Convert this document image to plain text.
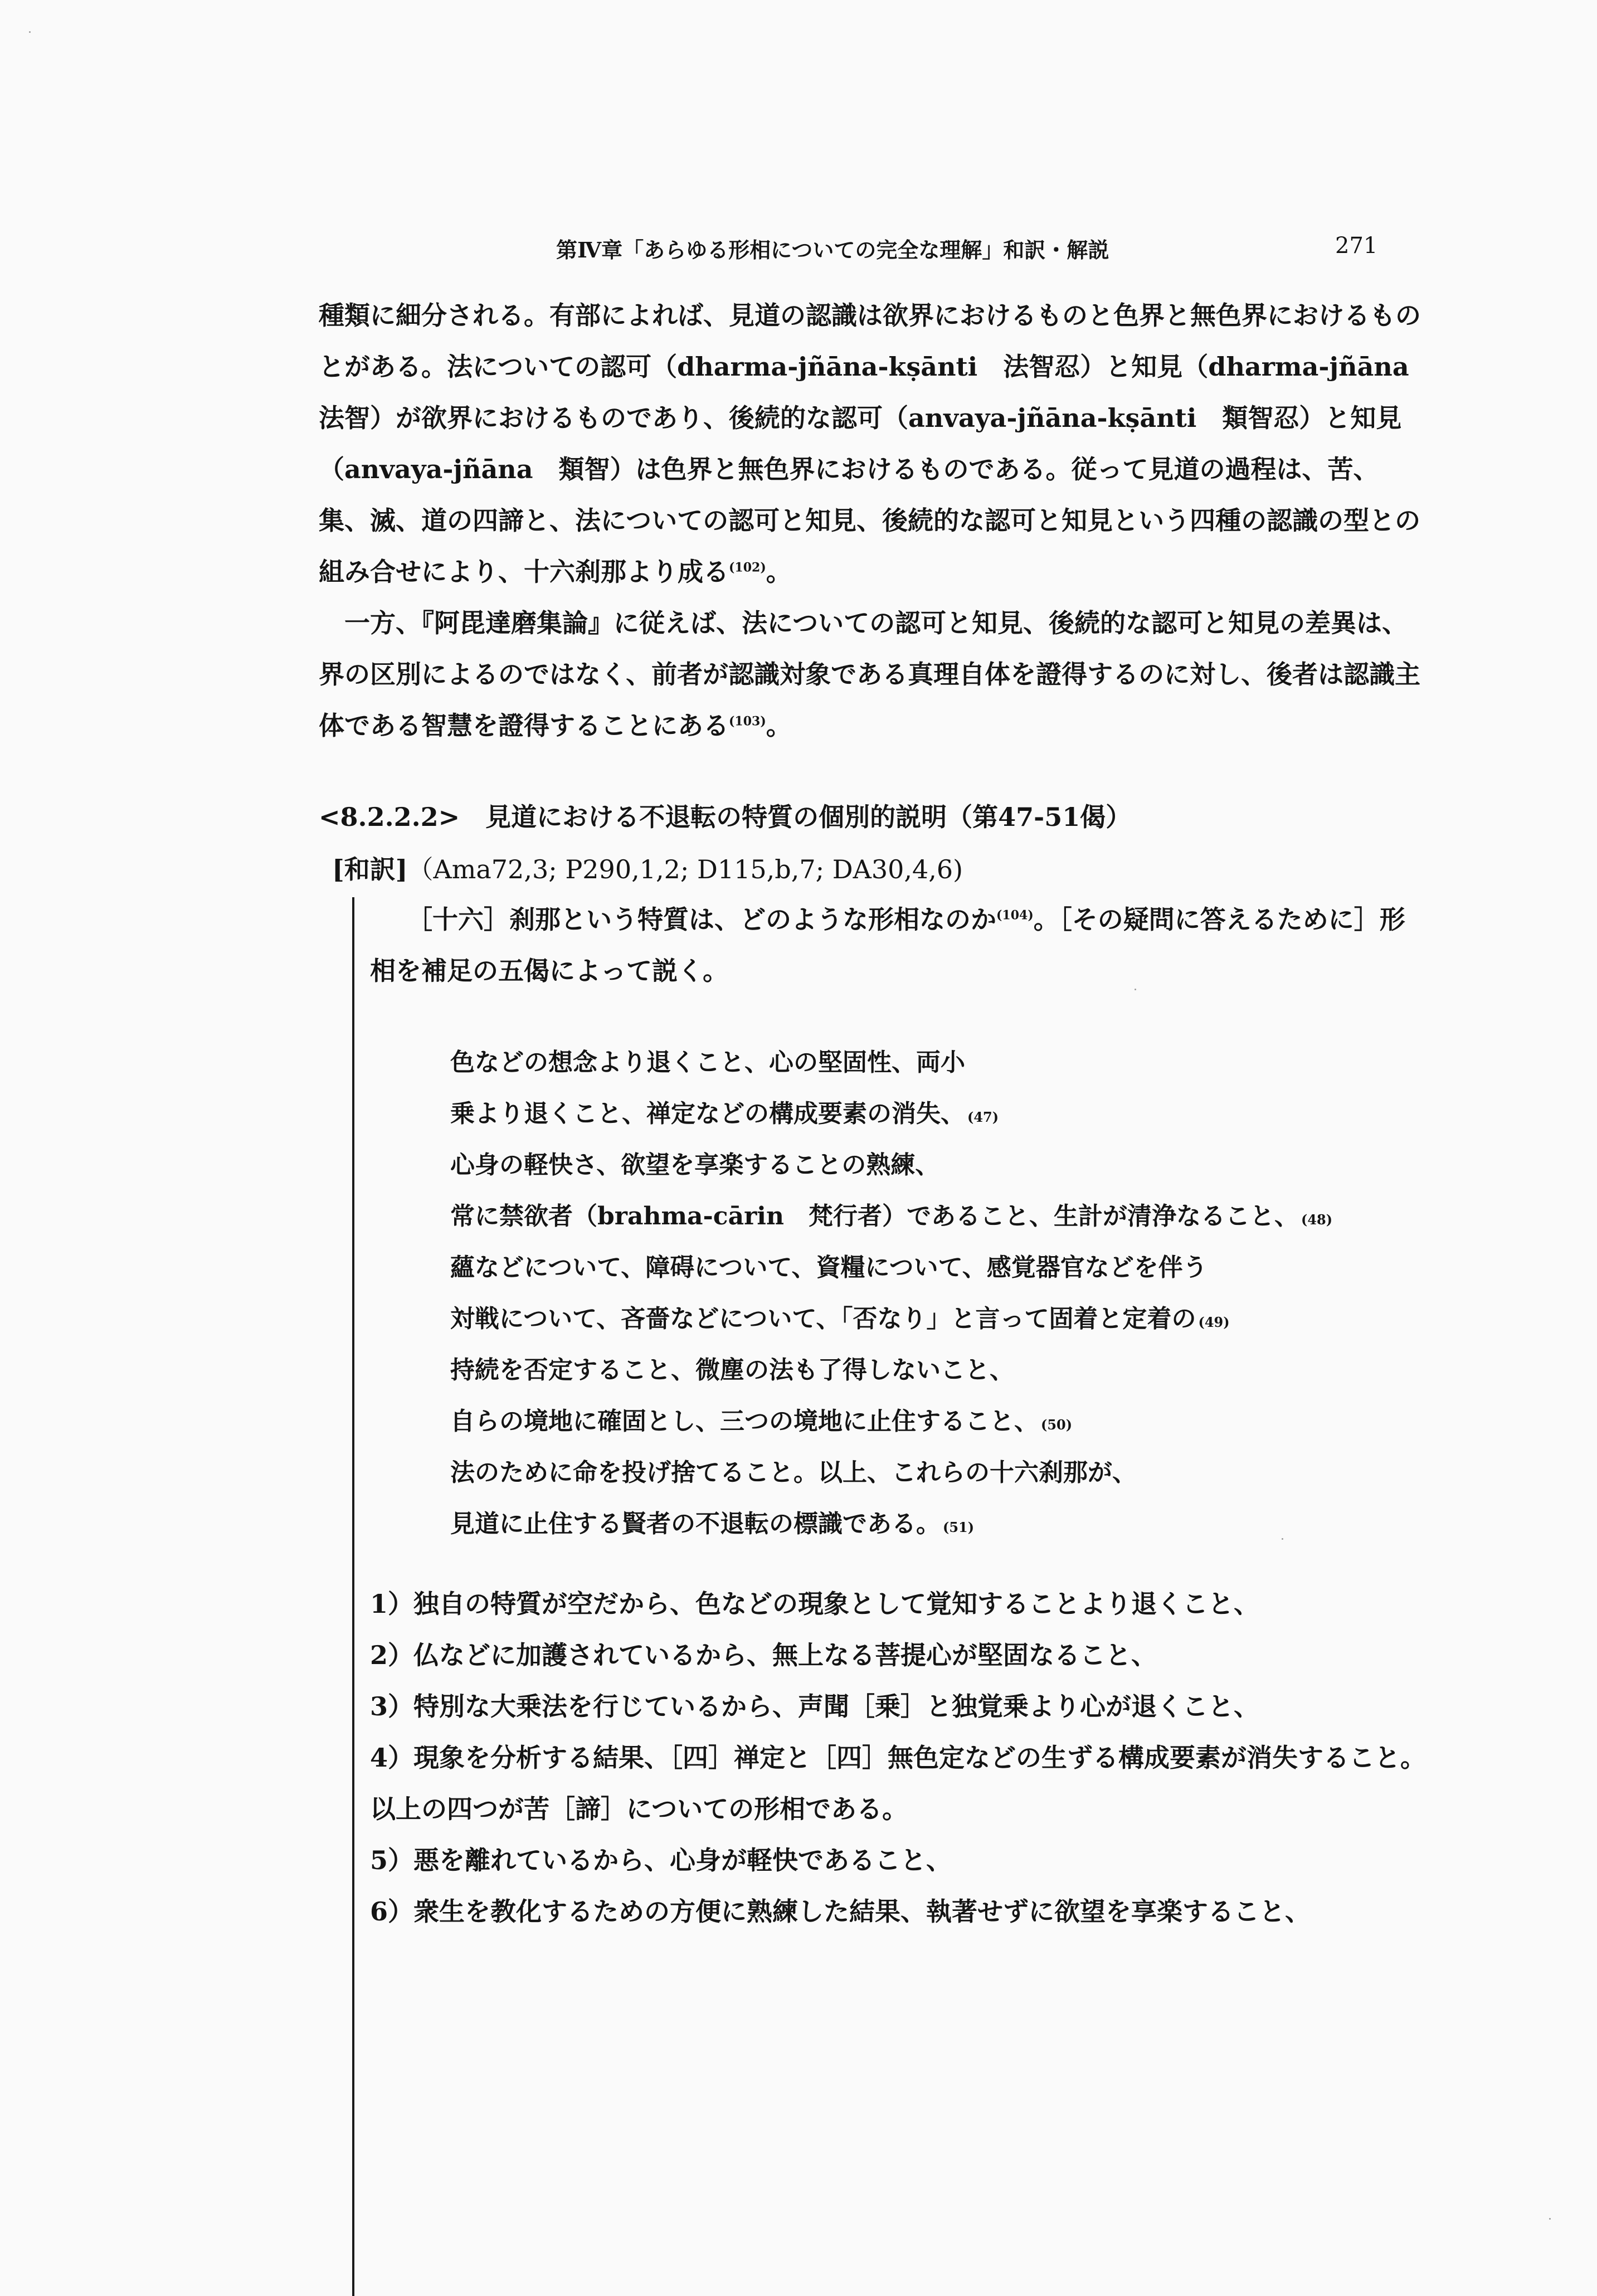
第Ⅳ章「あらゆる形相についての完全な理解」和訳・解説	271

種類に細分される。有部によれば、見道の認識は欲界におけるものと色界と無色界におけるものとがある。法についての認可（dharma-jñāna-kṣānti　法智忍）と知見（dharma-jñāna　法智）が欲界におけるものであり、後続的な認可（anvaya-jñāna-kṣānti　類智忍）と知見（anvaya-jñāna　類智）は色界と無色界におけるものである。従って見道の過程は、苦、集、滅、道の四諦と、法についての認可と知見、後続的な認可と知見という四種の認識の型との組み合せにより、十六刹那より成る$^{(102)}$。

一方、『阿毘達磨集論』に従えば、法についての認可と知見、後続的な認可と知見の差異は、界の区別によるのではなく、前者が認識対象である真理自体を證得するのに対し、後者は認識主体である智慧を證得することにある$^{(103)}$。

<8.2.2.2>　見道における不退転の特質の個別的説明（第47-51偈）
[和訳]（Ama72,3; P290,1,2; D115,b,7; DA30,4,6)

［十六］刹那という特質は、どのような形相なのか$^{(104)}$。［その疑問に答えるために］形相を補足の五偈によって説く。

色などの想念より退くこと、心の堅固性、両小

乗より退くこと、禅定などの構成要素の消失、 (47)

心身の軽快さ、欲望を享楽することの熟練、

常に禁欲者（brahma-cārin　梵行者）であること、生計が清浄なること、 (48)

蘊などについて、障碍について、資糧について、感覚器官などを伴う

対戦について、吝嗇などについて、「否なり」と言って固着と定着の (49)

持続を否定すること、微塵の法も了得しないこと、

自らの境地に確固とし、三つの境地に止住すること、 (50)

法のために命を投げ捨てること。以上、これらの十六刹那が、

見道に止住する賢者の不退転の標識である。 (51)

1）独自の特質が空だから、色などの現象として覚知することより退くこと、

2）仏などに加護されているから、無上なる菩提心が堅固なること、

3）特別な大乗法を行じているから、声聞［乗］と独覚乗より心が退くこと、

4）現象を分析する結果、［四］禅定と［四］無色定などの生ずる構成要素が消失すること。

以上の四つが苦［諦］についての形相である。

5）悪を離れているから、心身が軽快であること、

6）衆生を教化するための方便に熟練した結果、執著せずに欲望を享楽すること、
